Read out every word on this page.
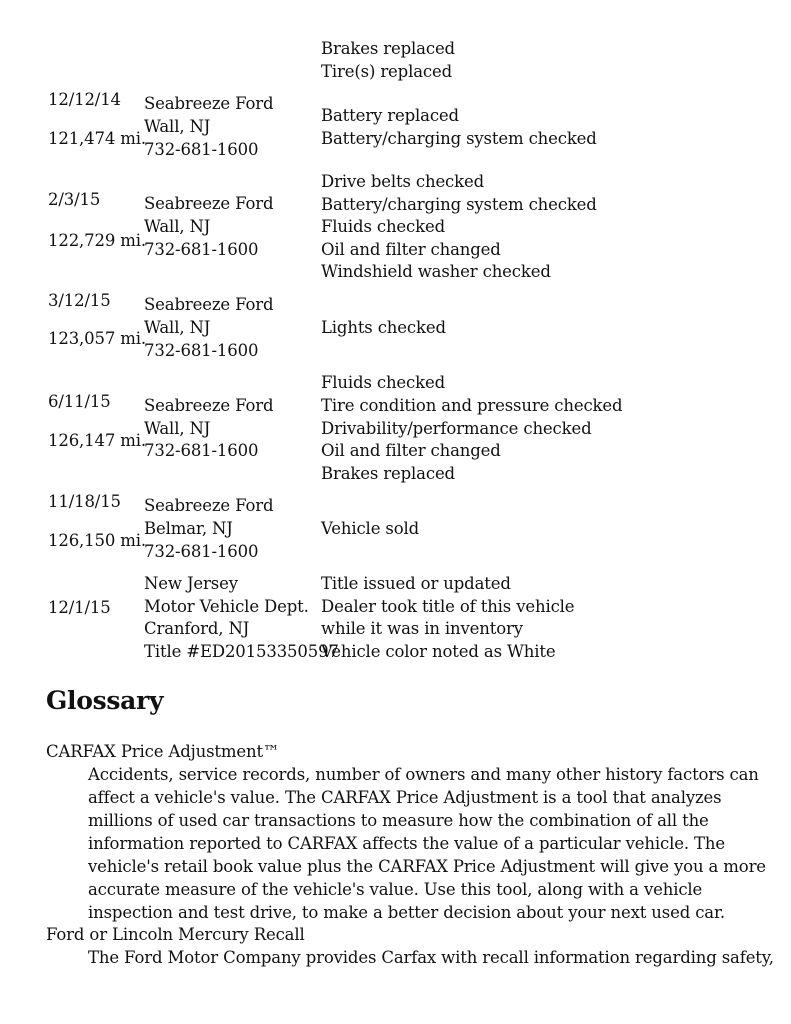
Brakes replaced
Tire(s) replaced
12/12/14
121,474 mi.
Seabreeze Ford
Wall, NJ
732-681-1600
Battery replaced
Battery/charging system checked
2/3/15
122,729 mi.
Seabreeze Ford
Wall, NJ
732-681-1600
Drive belts checked
Battery/charging system checked
Fluids checked
Oil and filter changed
Windshield washer checked
3/12/15
123,057 mi.
Seabreeze Ford
Wall, NJ
732-681-1600
Lights checked
6/11/15
126,147 mi.
Seabreeze Ford
Wall, NJ
732-681-1600
Fluids checked
Tire condition and pressure checked
Drivability/performance checked
Oil and filter changed
Brakes replaced
11/18/15
126,150 mi.
Seabreeze Ford
Belmar, NJ
732-681-1600
Vehicle sold
12/1/15
New Jersey
Motor Vehicle Dept.
Cranford, NJ
Title #ED20153350597
Title issued or updated
Dealer took title of this vehicle
while it was in inventory
Vehicle color noted as White
Glossary
CARFAX Price Adjustment™
Accidents, service records, number of owners and many other history factors can
affect a vehicle's value. The CARFAX Price Adjustment is a tool that analyzes
millions of used car transactions to measure how the combination of all the
information reported to CARFAX affects the value of a particular vehicle. The
vehicle's retail book value plus the CARFAX Price Adjustment will give you a more
accurate measure of the vehicle's value. Use this tool, along with a vehicle
inspection and test drive, to make a better decision about your next used car.
Ford or Lincoln Mercury Recall
The Ford Motor Company provides Carfax with recall information regarding safety,
